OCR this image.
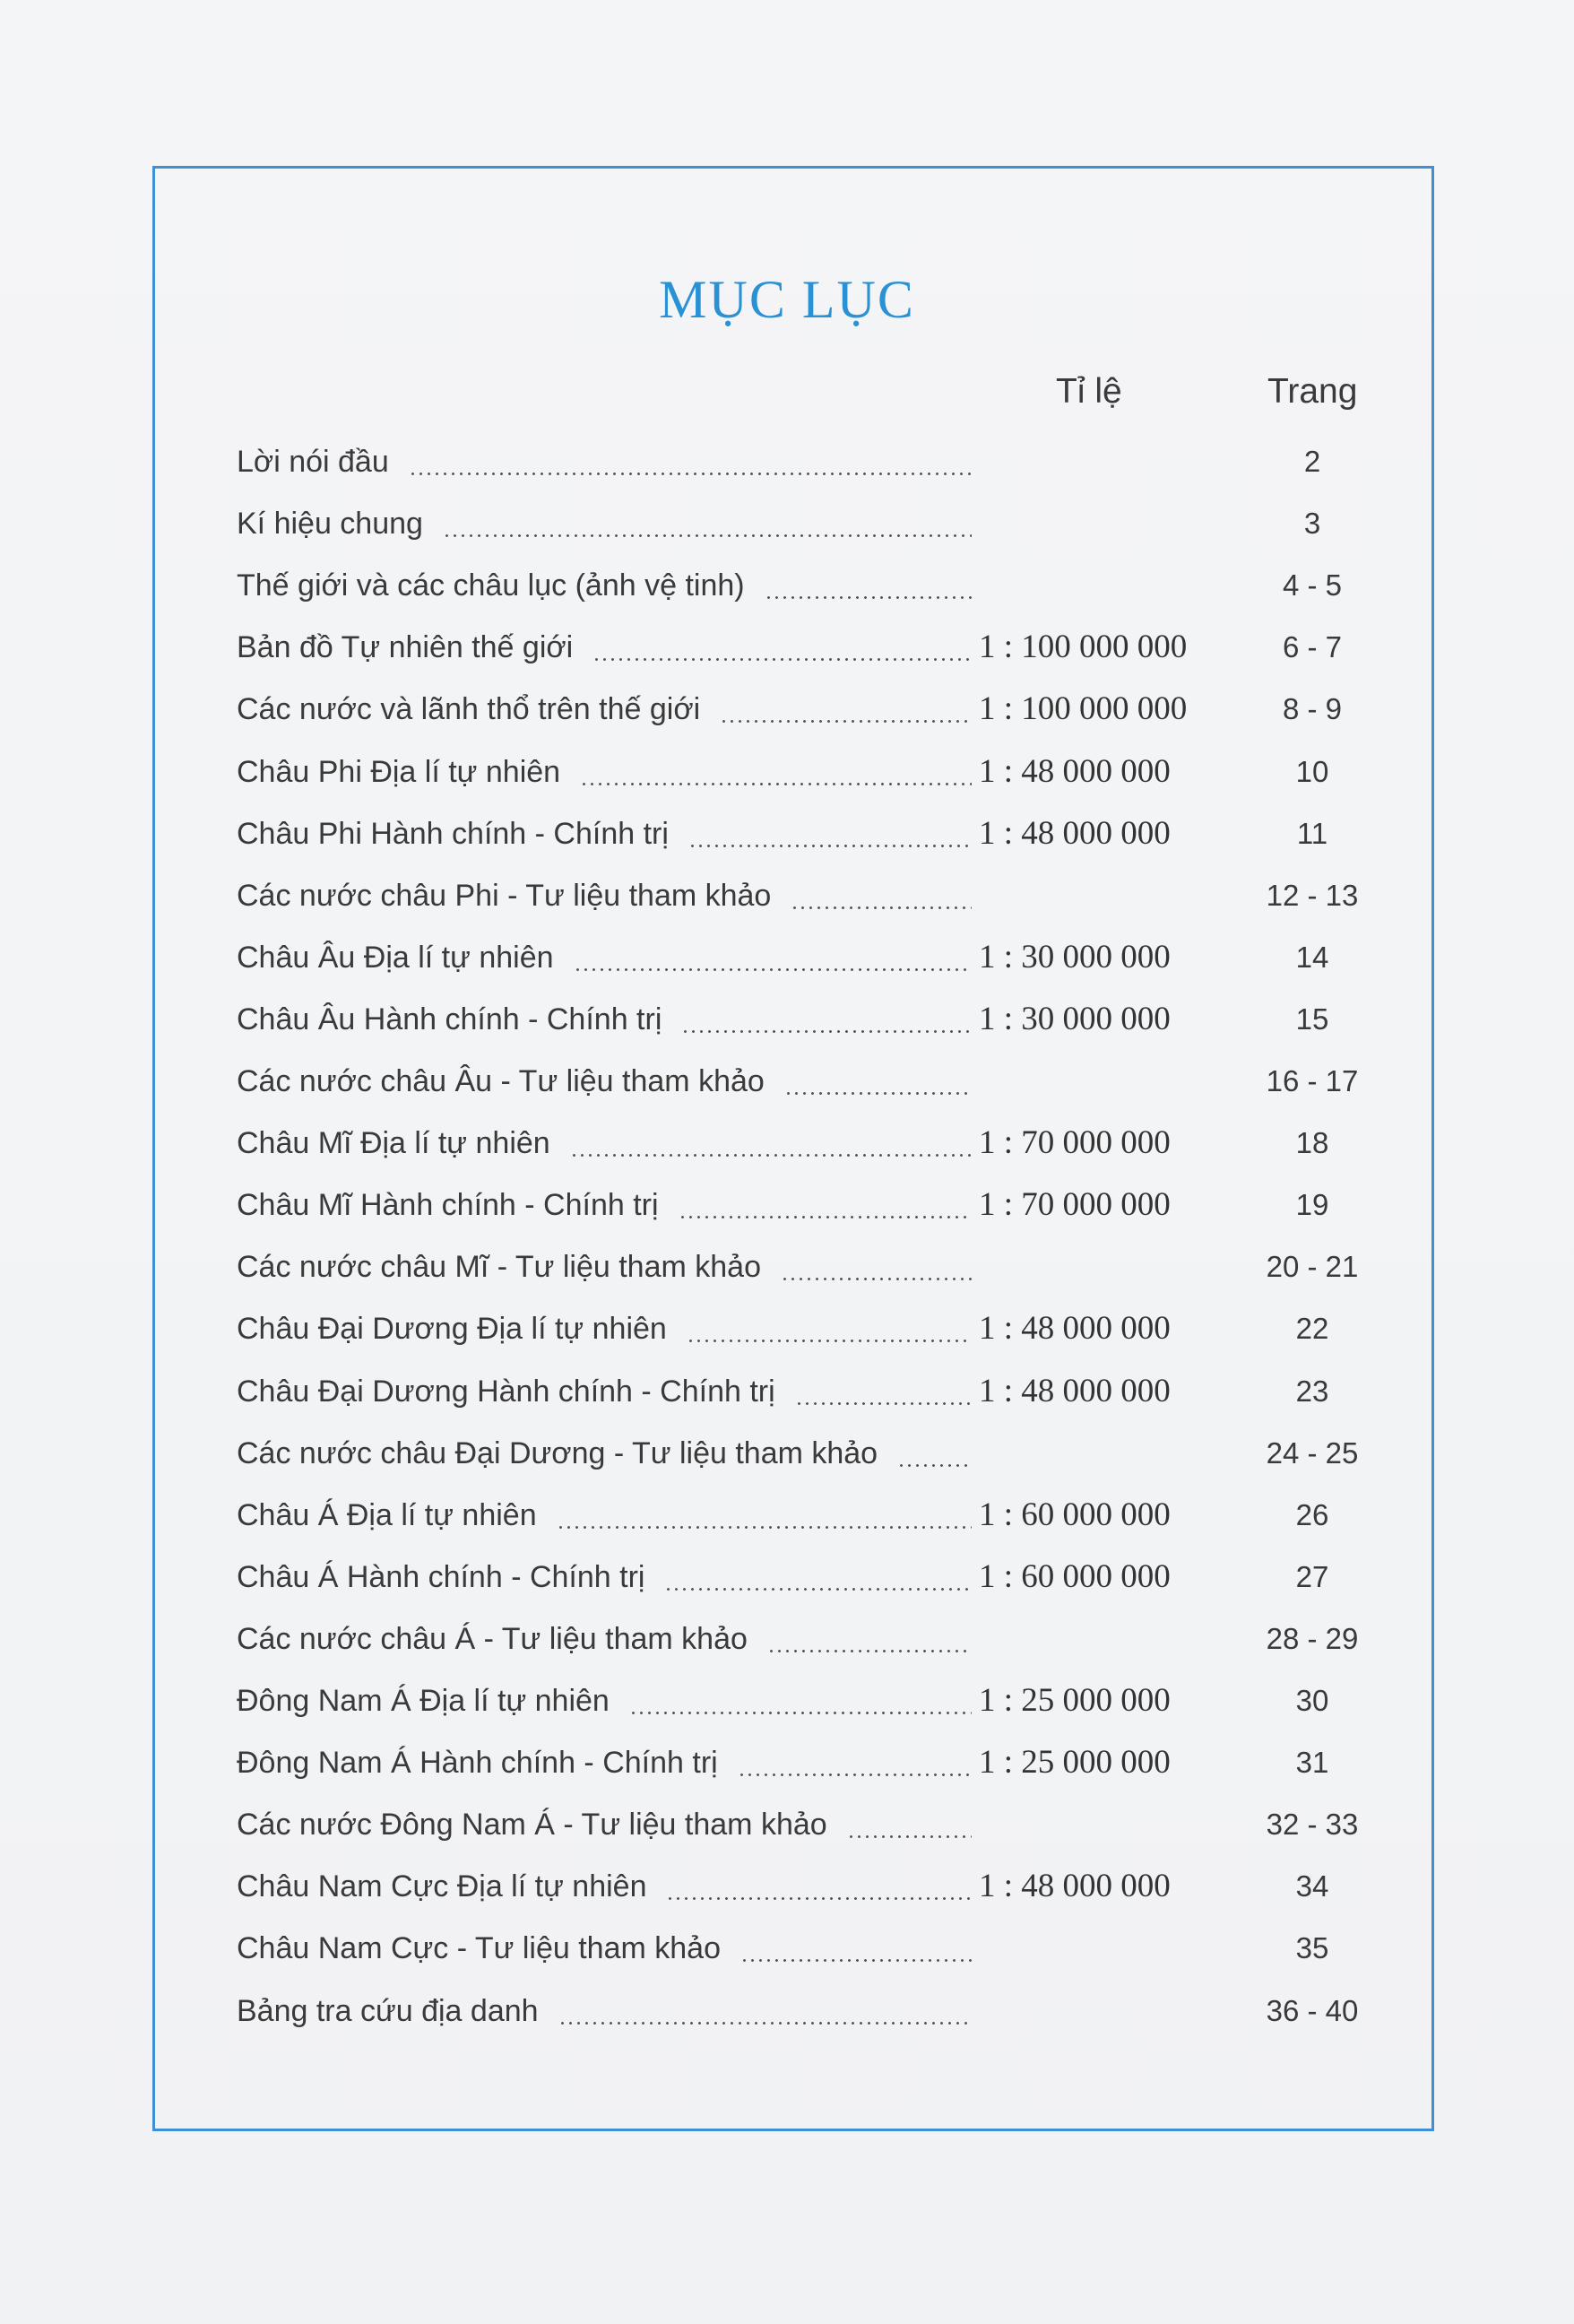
MỤC LỤC
Tỉ lệ	Trang
Lời nói đầu	2
Kí hiệu chung	3
Thế giới và các châu lục (ảnh vệ tinh)	4 - 5
Bản đồ Tự nhiên thế giới	1 : 100 000 000	6 - 7
Các nước và lãnh thổ trên thế giới	1 : 100 000 000	8 - 9
Châu Phi Địa lí tự nhiên	1 : 48 000 000	10
Châu Phi Hành chính - Chính trị	1 : 48 000 000	11
Các nước châu Phi - Tư liệu tham khảo	12 - 13
Châu Âu Địa lí tự nhiên	1 : 30 000 000	14
Châu Âu Hành chính - Chính trị	1 : 30 000 000	15
Các nước châu Âu - Tư liệu tham khảo	16 - 17
Châu Mĩ Địa lí tự nhiên	1 : 70 000 000	18
Châu Mĩ Hành chính - Chính trị	1 : 70 000 000	19
Các nước châu Mĩ - Tư liệu tham khảo	20 - 21
Châu Đại Dương Địa lí tự nhiên	1 : 48 000 000	22
Châu Đại Dương Hành chính - Chính trị	1 : 48 000 000	23
Các nước châu Đại Dương - Tư liệu tham khảo	24 - 25
Châu Á Địa lí tự nhiên	1 : 60 000 000	26
Châu Á Hành chính - Chính trị	1 : 60 000 000	27
Các nước châu Á - Tư liệu tham khảo	28 - 29
Đông Nam Á Địa lí tự nhiên	1 : 25 000 000	30
Đông Nam Á Hành chính - Chính trị	1 : 25 000 000	31
Các nước Đông Nam Á - Tư liệu tham khảo	32 - 33
Châu Nam Cực Địa lí tự nhiên	1 : 48 000 000	34
Châu Nam Cực - Tư liệu tham khảo	35
Bảng tra cứu địa danh	36 - 40
